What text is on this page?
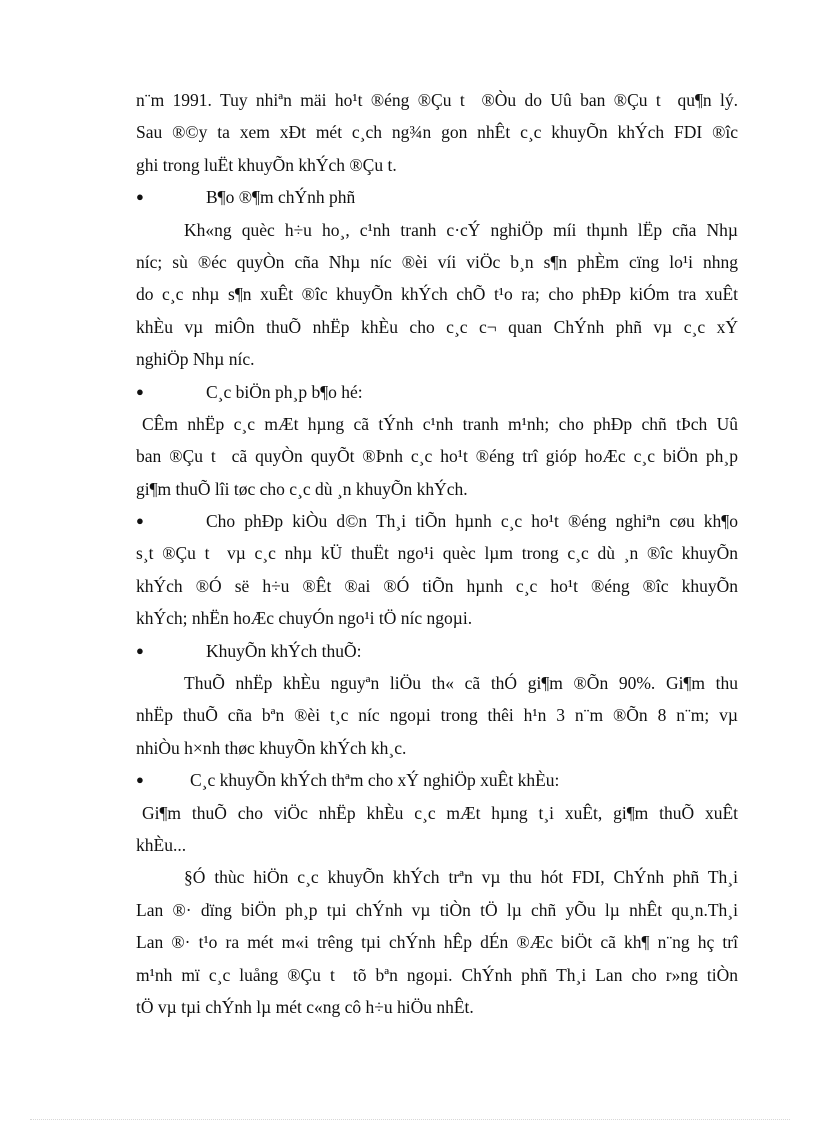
n¨m 1991. Tuy nhiªn mäi ho¹t ®éng ®Çu t  ®Òu do Uû ban ®Çu t  qu¶n lý.
Sau ®©y ta xem xÐt mét c¸ch ng¾n gon nhÊt c¸c khuyÕn khÝch FDI ®îc
ghi trong luËt khuyÕn khÝch ®Çu t.
●	B¶o ®¶m chÝnh phñ
Kh«ng quèc h÷u ho¸, c¹nh tranh c·cÝ nghiÖp míi thµnh lËp cña Nhµ
níc; sù ®éc quyÒn cña Nhµ níc ®èi víi viÖc b¸n s¶n phÈm cïng lo¹i nhng
do c¸c nhµ s¶n xuÊt ®îc khuyÕn khÝch chÕ t¹o ra; cho phÐp kiÓm tra xuÊt
khÈu vµ miÔn thuÕ nhËp khÈu cho c¸c c¬ quan ChÝnh phñ vµ c¸c xÝ
nghiÖp Nhµ níc.
●	C¸c biÖn ph¸p b¶o hé:
CÊm nhËp c¸c mÆt hµng cã tÝnh c¹nh tranh m¹nh; cho phÐp chñ tÞch Uû
ban ®Çu t  cã quyÒn quyÕt ®Þnh c¸c ho¹t ®éng trî gióp hoÆc c¸c biÖn ph¸p
gi¶m thuÕ lîi tøc cho c¸c dù ¸n khuyÕn khÝch.
●	Cho phÐp kiÒu d©n Th¸i tiÕn hµnh c¸c ho¹t ®éng nghiªn cøu kh¶o
s¸t ®Çu t  vµ c¸c nhµ kÜ thuËt ngo¹i quèc lµm trong c¸c dù ¸n ®îc khuyÕn
khÝch ®Ó së h÷u ®Êt ®ai ®Ó tiÕn hµnh c¸c ho¹t ®éng ®îc khuyÕn
khÝch; nhËn hoÆc chuyÓn ngo¹i tÖ níc ngoµi.
●	KhuyÕn khÝch thuÕ:
ThuÕ nhËp khÈu nguyªn liÖu th« cã thÓ gi¶m ®Õn 90%. Gi¶m thu
nhËp thuÕ cña bªn ®èi t¸c níc ngoµi trong thêi h¹n 3 n¨m ®Õn 8 n¨m; vµ
nhiÒu h×nh thøc khuyÕn khÝch kh¸c.
●	C¸c khuyÕn khÝch thªm cho xÝ nghiÖp xuÊt khÈu:
Gi¶m thuÕ cho viÖc nhËp khÈu c¸c mÆt hµng t¸i xuÊt, gi¶m thuÕ xuÊt
khÈu...
§Ó thùc hiÖn c¸c khuyÕn khÝch trªn vµ thu hót FDI, ChÝnh phñ Th¸i
Lan ®· dïng biÖn ph¸p tµi chÝnh vµ tiÒn tÖ lµ chñ yÕu lµ nhÊt qu¸n.Th¸i
Lan ®· t¹o ra mét m«i trêng tµi chÝnh hÊp dÉn ®Æc biÖt cã kh¶ n¨ng hç trî
m¹nh mï c¸c luång ®Çu t  tõ bªn ngoµi. ChÝnh phñ Th¸i Lan cho r»ng tiÒn
tÖ vµ tµi chÝnh lµ mét c«ng cô h÷u hiÖu nhÊt.
